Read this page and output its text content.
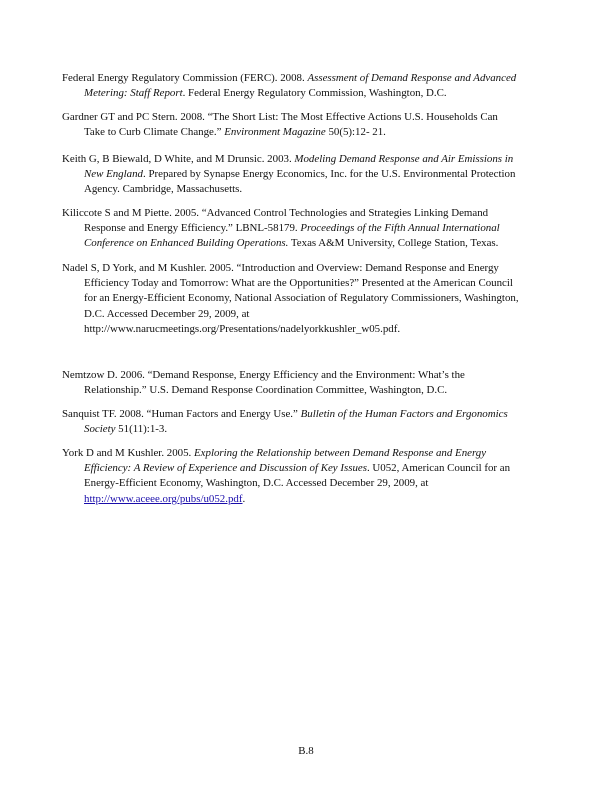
Federal Energy Regulatory Commission (FERC). 2008. Assessment of Demand Response and Advanced
Metering: Staff Report. Federal Energy Regulatory Commission, Washington, D.C.
Gardner GT and PC Stern. 2008. “The Short List: The Most Effective Actions U.S. Households Can
Take to Curb Climate Change.” Environment Magazine 50(5):12- 21.
Keith G, B Biewald, D White, and M Drunsic. 2003. Modeling Demand Response and Air Emissions in
New England. Prepared by Synapse Energy Economics, Inc. for the U.S. Environmental Protection
Agency. Cambridge, Massachusetts.
Kiliccote S and M Piette. 2005. “Advanced Control Technologies and Strategies Linking Demand
Response and Energy Efficiency.” LBNL-58179. Proceedings of the Fifth Annual International
Conference on Enhanced Building Operations. Texas A&M University, College Station, Texas.
Nadel S, D York, and M Kushler. 2005. “Introduction and Overview: Demand Response and Energy
Efficiency Today and Tomorrow: What are the Opportunities?” Presented at the American Council
for an Energy-Efficient Economy, National Association of Regulatory Commissioners, Washington,
D.C. Accessed December 29, 2009, at
http://www.narucmeetings.org/Presentations/nadelyorkkushler_w05.pdf.
Nemtzow D. 2006. “Demand Response, Energy Efficiency and the Environment: What’s the
Relationship.” U.S. Demand Response Coordination Committee, Washington, D.C.
Sanquist TF. 2008. “Human Factors and Energy Use.” Bulletin of the Human Factors and Ergonomics
Society 51(11):1-3.
York D and M Kushler. 2005. Exploring the Relationship between Demand Response and Energy
Efficiency: A Review of Experience and Discussion of Key Issues. U052, American Council for an
Energy-Efficient Economy, Washington, D.C. Accessed December 29, 2009, at
http://www.aceee.org/pubs/u052.pdf.
B.8
